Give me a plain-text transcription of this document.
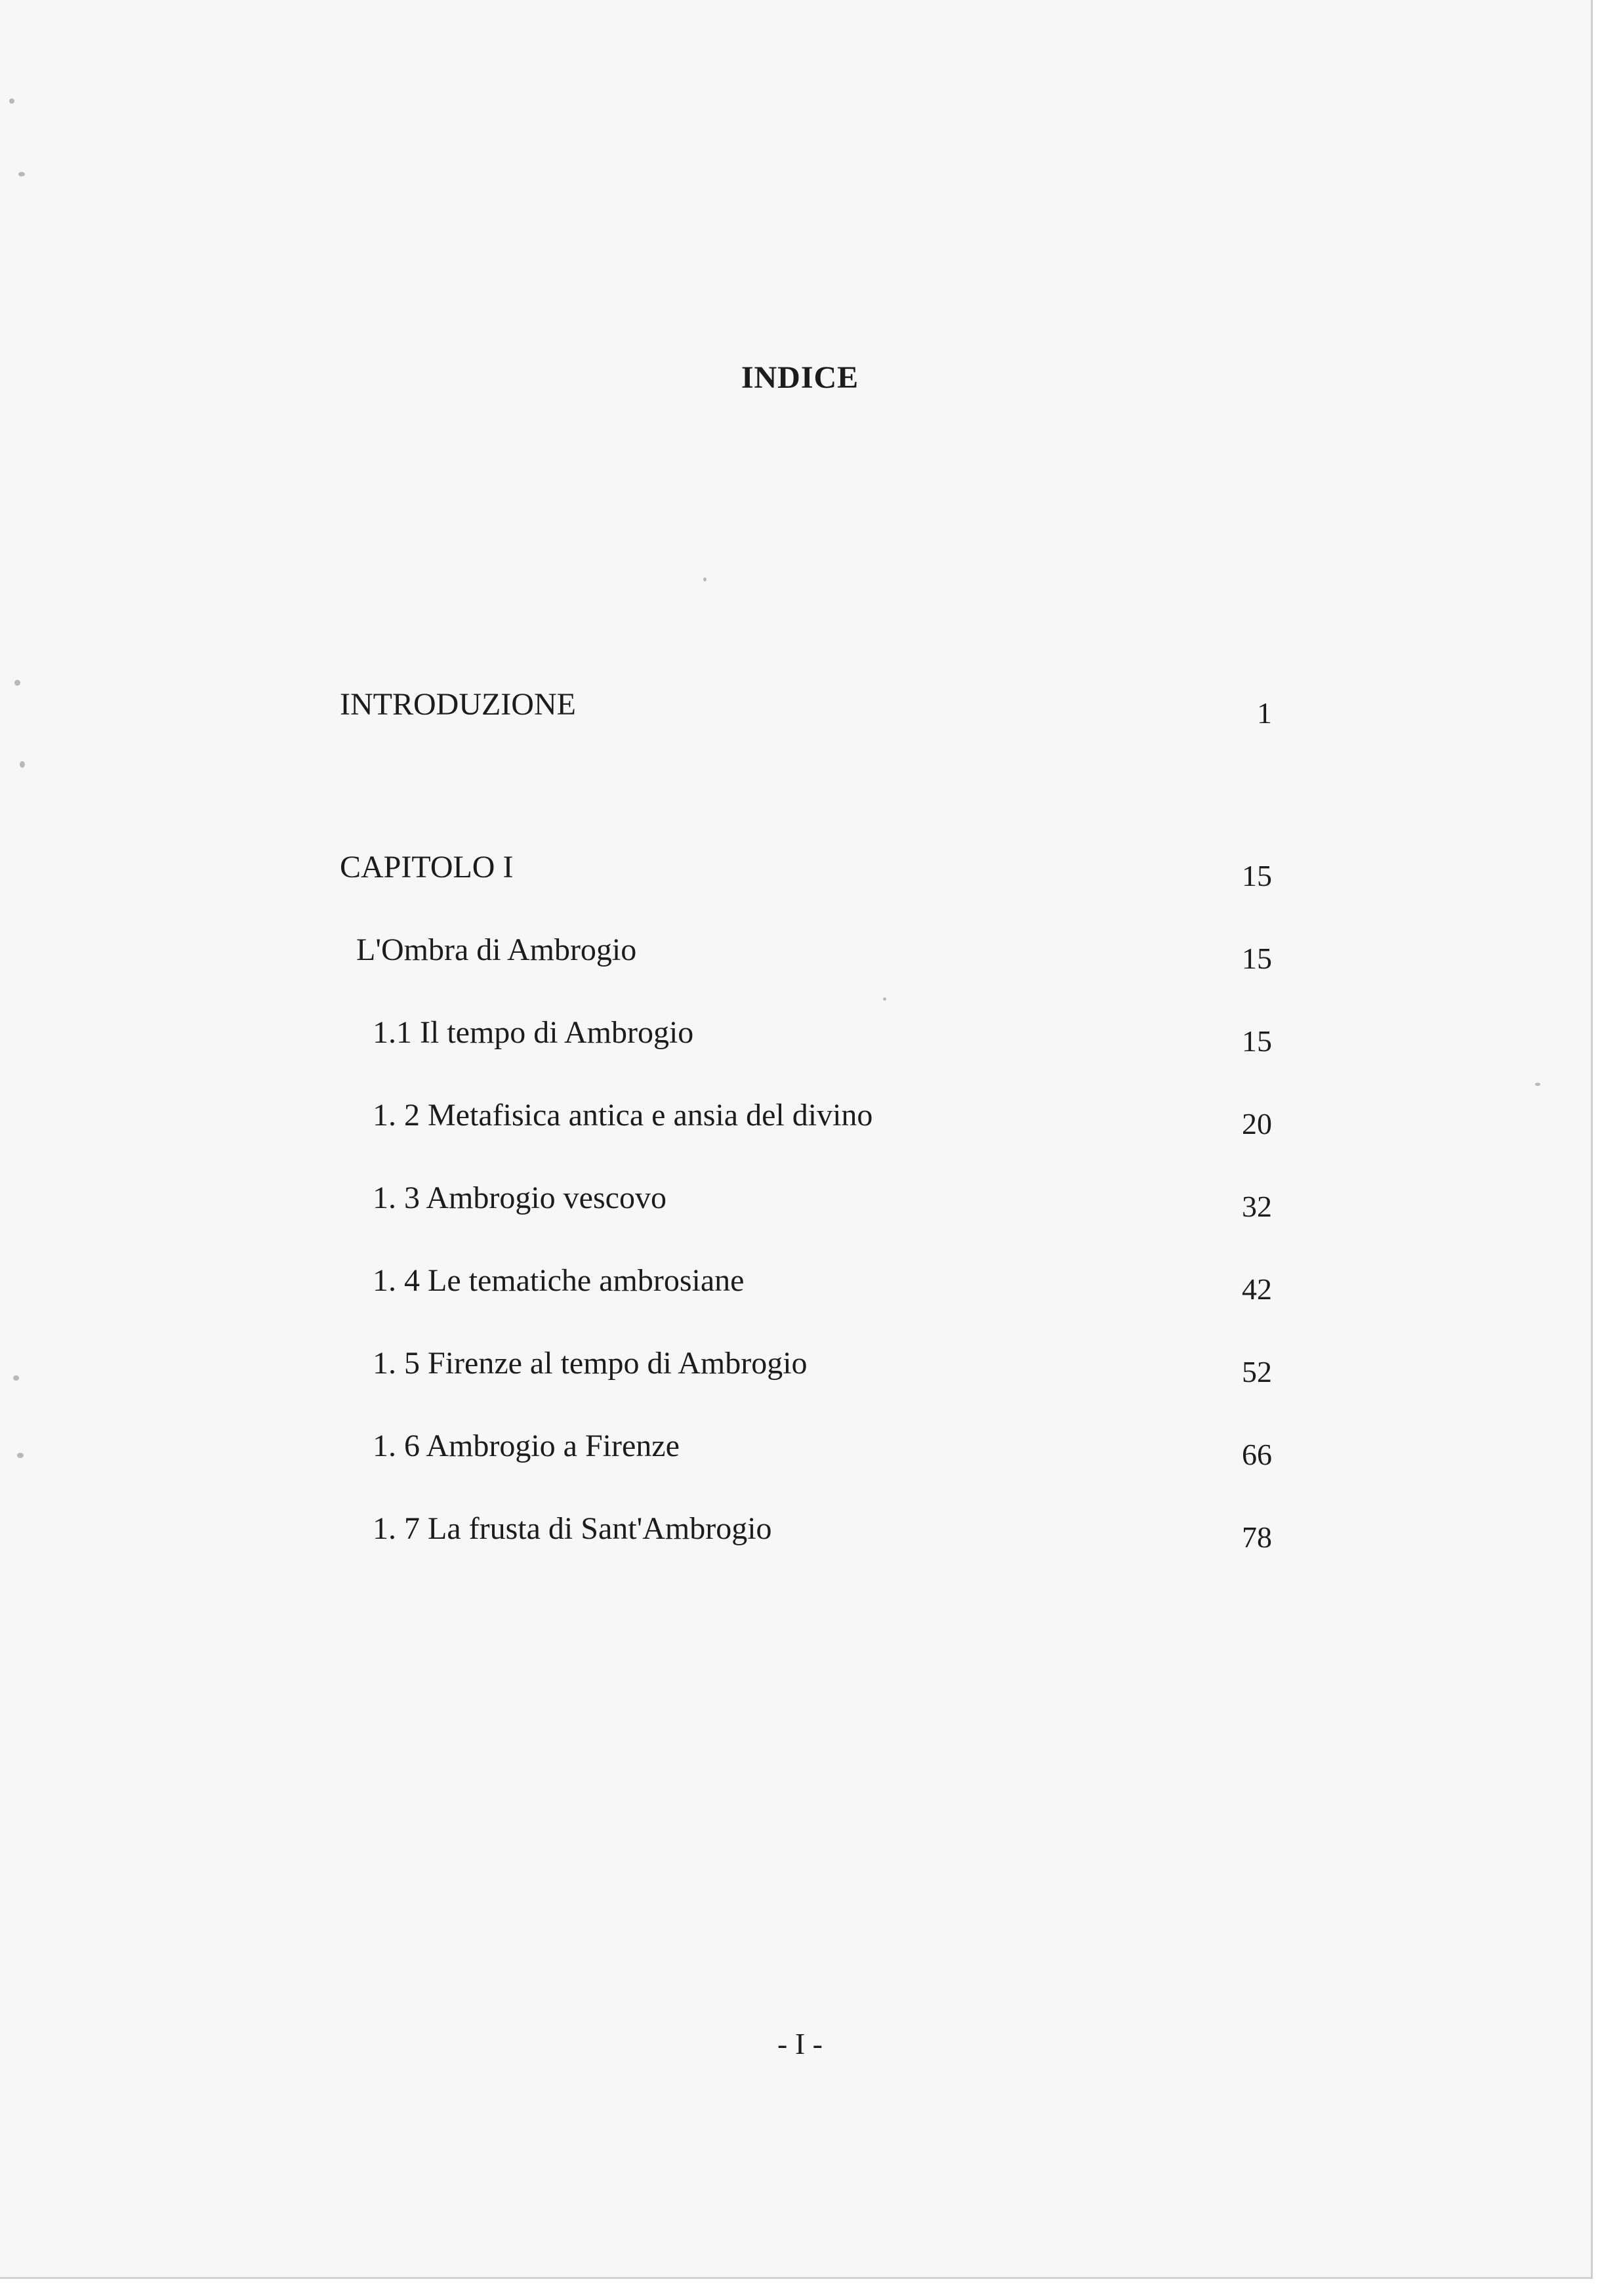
INDICE
INTRODUZIONE	1
CAPITOLO I	15
L'Ombra di Ambrogio	15
1.1 Il tempo di Ambrogio	15
1. 2 Metafisica antica e ansia del divino	20
1. 3 Ambrogio vescovo	32
1. 4 Le tematiche ambrosiane	42
1. 5 Firenze al tempo di Ambrogio	52
1. 6 Ambrogio a Firenze	66
1. 7 La frusta di Sant'Ambrogio	78
- I -
